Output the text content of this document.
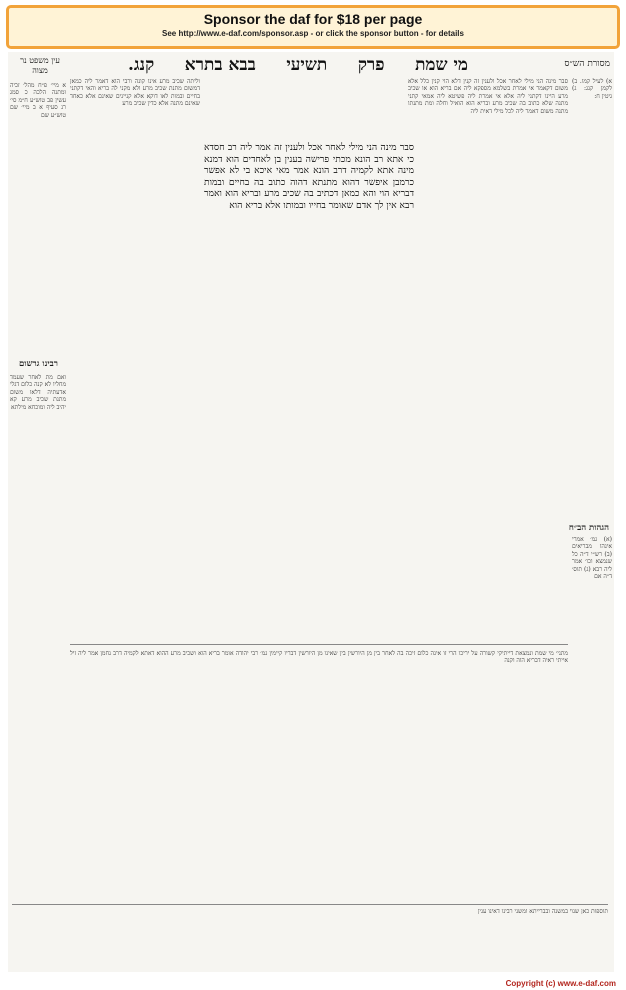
Sponsor the daf for $18 per page
See http://www.e-daf.com/sponsor.asp - or click the sponsor button - for details
מסורת הש״ס
עין משפט נר מצוה	מי שמת
פרק
תשיעי
בבא בתרא
קנג.
א) לעיל קמו. ב) לקמן קנג: ג) גיטין ח:
סבר מינה הני מילי לאחר אכל ולענין זה קנין דלא הוי קנין כלל אלא משום דקאמר אי אמרת בשלמא מספקא ליה אם בריא הוא או שכיב מרע היינו דקתני ליה אלא אי אמרת ליה פשיטא ליה אמאי קתני מתנה שלא כתוב בה שכיב מרע ובריא הוא הואיל וחלה ומת מתנתו מתנה משום דאמר ליה לכל מילי דאית ליה
סבר מינה הני מילי לאחר אכל ולענין זה אמר ליה רב חסדא כי אתא רב הונא מכתי פרישה בענין בן לאחדים הוא דמנא מינה אתא לקמיה דרב הונא אמר מאי איכא בי לא אפשר כרמבן איפשר דהוא מתנתא דהוה כתוב בה בחיים ובמות דבריא הוי והא כמאן דכתיב בה שכיב מרע ובריא הוא ואמר רבא אין לך אדם שאומר בחייו ובמותו אלא בריא הוא
וליתה שכיב מרע אינו קונה ורבי הוא דאמר ליה כמאן דמשום מתנת שכיב מרע ולא מקני לה בריא והאי דקתני בחיים ובמות לאו דוקא אלא קניינים שאינם אלא כאחד שאינם מתנה אלא כדין שכיב מרע
א מיי׳ פ״ח מהל׳ זכיה ומתנה הלכה כ סמג עשין פב טוש״ע ח״מ סי׳ רנ סעיף א ב מיי׳ שם טוש״ע שם
רבינו גרשום
ואם מת לאחר שעמד מחליו לא קנה כלום דגלי אדעתיה דלאו משום מתנת שכיב מרע קא יהיב ליה ומוכחא מילתא
הגהות הב״ח
(א) גמ׳ אמרי אינהו מבריאים (ב) רש״י ד״ה כל שנמצא וכו׳ אמר ליה רבא (ג) תוס׳ ד״ה אם
מתני׳ מי שמת ונמצאת דייתיקי קשורה על יריכו הרי זו אינה כלום זיכה בה לאחר בין מן היורשין בין שאינו מן היורשין דבריו קיימין גמ׳ רבי יהודה אומר בריא הוא ושכיב מרע ההוא דאתא לקמיה דרב נחמן אמר ליה זיל אייתי ראיה דבריא הוה וקנה
תוספות כאן שנוי במשנה ובברייתא ומשני רבינו דאינו ענין
Copyright (c) www.e-daf.com
